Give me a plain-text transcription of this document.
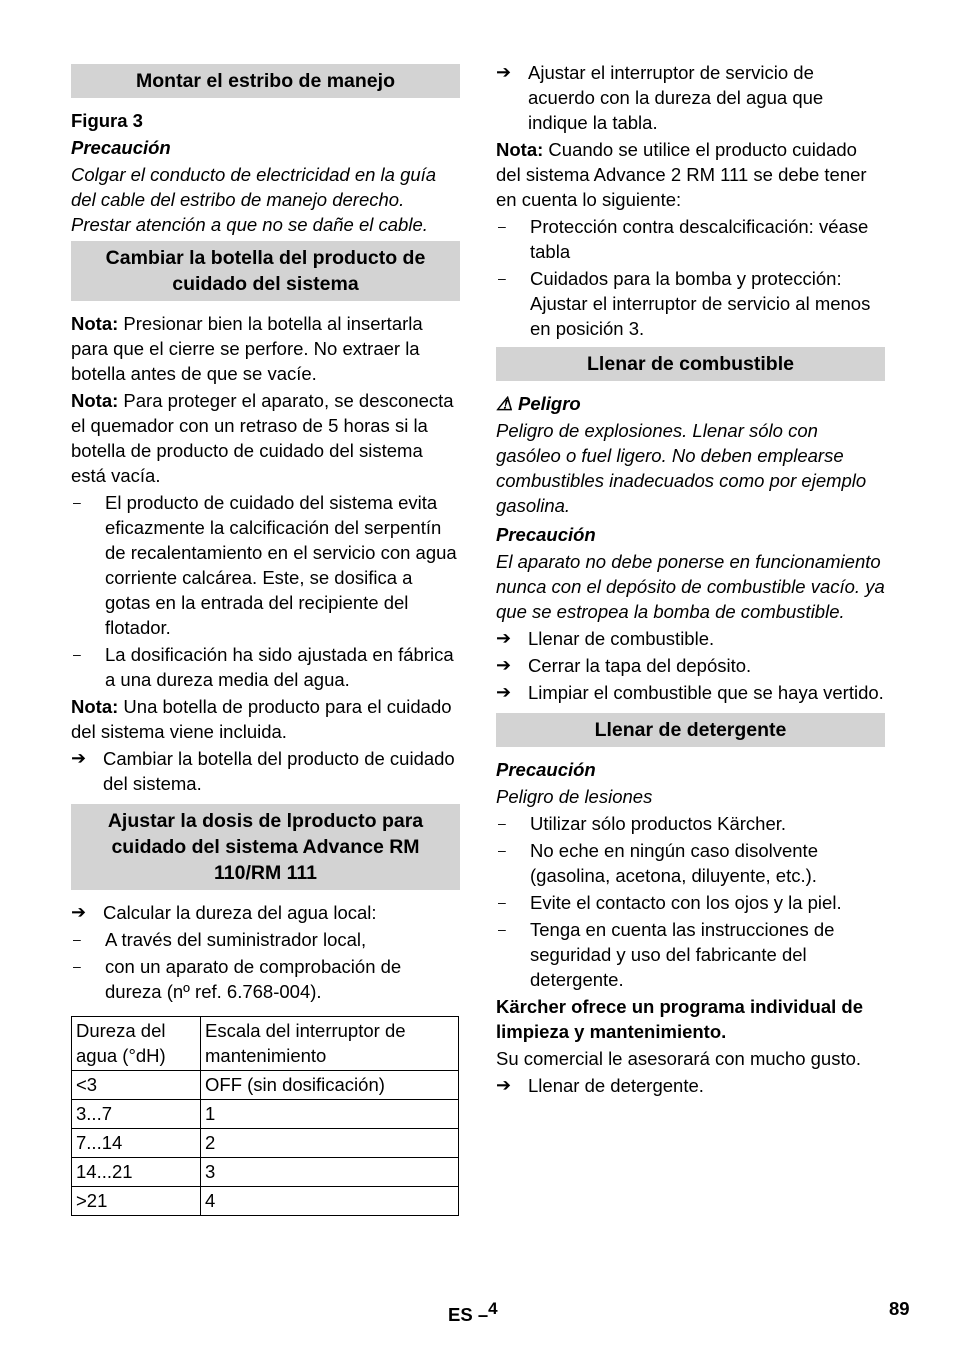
Montar el estribo de manejo
Figura 3
Precaución
Colgar el conducto de electricidad en la guía del cable del estribo de manejo derecho. Prestar atención a que no se dañe el cable.
Cambiar la botella del producto de cuidado del sistema
Nota: Presionar bien la botella al insertarla para que el cierre se perfore. No extraer la botella antes de que se vacíe.
Nota: Para proteger el aparato, se desconecta el quemador con un retraso de 5 horas si la botella de producto de cuidado del sistema está vacía.
–	El producto de cuidado del sistema evita eficazmente la calcificación del serpentín de recalentamiento en el servicio con agua corriente calcárea. Este, se dosifica a gotas en la entrada del recipiente del flotador.
–	La dosificación ha sido ajustada en fábrica a una dureza media del agua.
Nota: Una botella de producto para el cuidado del sistema viene incluida.
➔ Cambiar la botella del producto de cuidado del sistema.
Ajustar la dosis de lproducto para cuidado del sistema Advance RM 110/RM 111
➔ Calcular la dureza del agua local:
–	A través del suministrador local,
–	con un aparato de comprobación de dureza (nº ref. 6.768-004).
Dureza del agua (°dH)	Escala del interruptor de mantenimiento
<3	OFF (sin dosificación)
3...7	1
7...14	2
14...21	3
>21	4
➔ Ajustar el interruptor de servicio de acuerdo con la dureza del agua que indique la tabla.
Nota: Cuando se utilice el producto cuidado del sistema Advance 2 RM 111 se debe tener en cuenta lo siguiente:
–	Protección contra descalcificación: véase tabla
–	Cuidados para la bomba y protección: Ajustar el interruptor de servicio al menos en posición 3.
Llenar de combustible
⚠ Peligro
Peligro de explosiones. Llenar sólo con gasóleo o fuel ligero. No deben emplearse combustibles inadecuados como por ejemplo gasolina.
Precaución
El aparato no debe ponerse en funcionamiento nunca con el depósito de combustible vacío. ya que se estropea la bomba de combustible.
➔ Llenar de combustible.
➔ Cerrar la tapa del depósito.
➔ Limpiar el combustible que se haya vertido.
Llenar de detergente
Precaución
Peligro de lesiones
–	Utilizar sólo productos Kärcher.
–	No eche en ningún caso disolvente (gasolina, acetona, diluyente, etc.).
–	Evite el contacto con los ojos y la piel.
–	Tenga en cuenta las instrucciones de seguridad y uso del fabricante del detergente.
Kärcher ofrece un programa individual de limpieza y mantenimiento.
Su comercial le asesorará con mucho gusto.
➔ Llenar de detergente.
ES –$^4$	89
